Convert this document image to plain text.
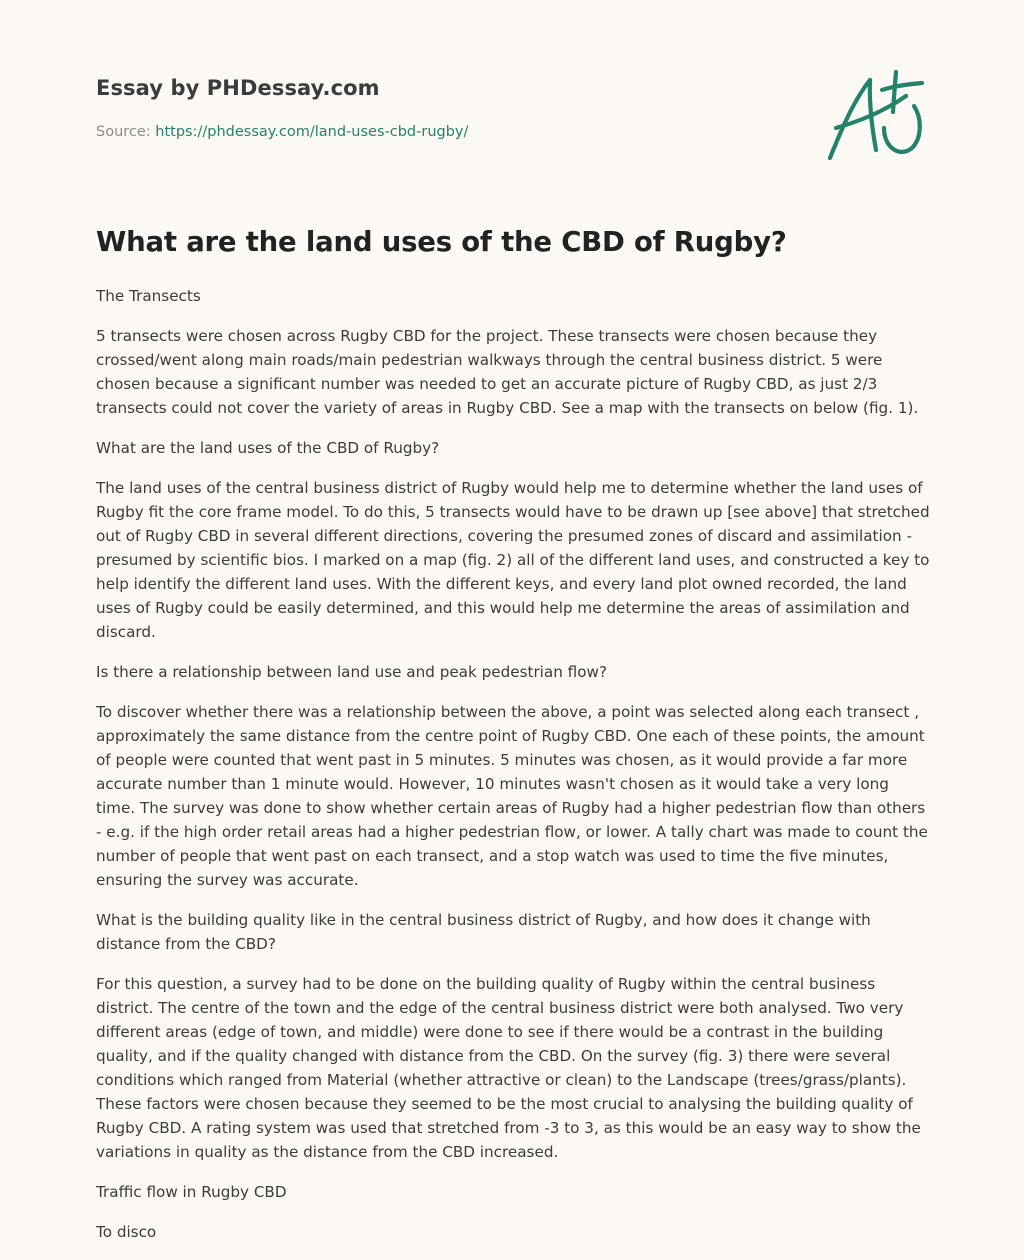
Essay by PHDessay.com
Source: https://phdessay.com/land-uses-cbd-rugby/
What are the land uses of the CBD of Rugby?

The Transects

5 transects were chosen across Rugby CBD for the project. These transects were chosen because they crossed/went along main roads/main pedestrian walkways through the central business district. 5 were chosen because a significant number was needed to get an accurate picture of Rugby CBD, as just 2/3 transects could not cover the variety of areas in Rugby CBD. See a map with the transects on below (fig. 1).

What are the land uses of the CBD of Rugby?

The land uses of the central business district of Rugby would help me to determine whether the land uses of Rugby fit the core frame model. To do this, 5 transects would have to be drawn up [see above] that stretched out of Rugby CBD in several different directions, covering the presumed zones of discard and assimilation - presumed by scientific bios. I marked on a map (fig. 2) all of the different land uses, and constructed a key to help identify the different land uses. With the different keys, and every land plot owned recorded, the land uses of Rugby could be easily determined, and this would help me determine the areas of assimilation and discard.

Is there a relationship between land use and peak pedestrian flow?

To discover whether there was a relationship between the above, a point was selected along each transect , approximately the same distance from the centre point of Rugby CBD. One each of these points, the amount of people were counted that went past in 5 minutes. 5 minutes was chosen, as it would provide a far more accurate number than 1 minute would. However, 10 minutes wasn't chosen as it would take a very long time. The survey was done to show whether certain areas of Rugby had a higher pedestrian flow than others - e.g. if the high order retail areas had a higher pedestrian flow, or lower. A tally chart was made to count the number of people that went past on each transect, and a stop watch was used to time the five minutes, ensuring the survey was accurate.

What is the building quality like in the central business district of Rugby, and how does it change with distance from the CBD?

For this question, a survey had to be done on the building quality of Rugby within the central business district. The centre of the town and the edge of the central business district were both analysed. Two very different areas (edge of town, and middle) were done to see if there would be a contrast in the building quality, and if the quality changed with distance from the CBD. On the survey (fig. 3) there were several conditions which ranged from Material (whether attractive or clean) to the Landscape (trees/grass/plants). These factors were chosen because they seemed to be the most crucial to analysing the building quality of Rugby CBD. A rating system was used that stretched from -3 to 3, as this would be an easy way to show the variations in quality as the distance from the CBD increased.

Traffic flow in Rugby CBD

To disco
